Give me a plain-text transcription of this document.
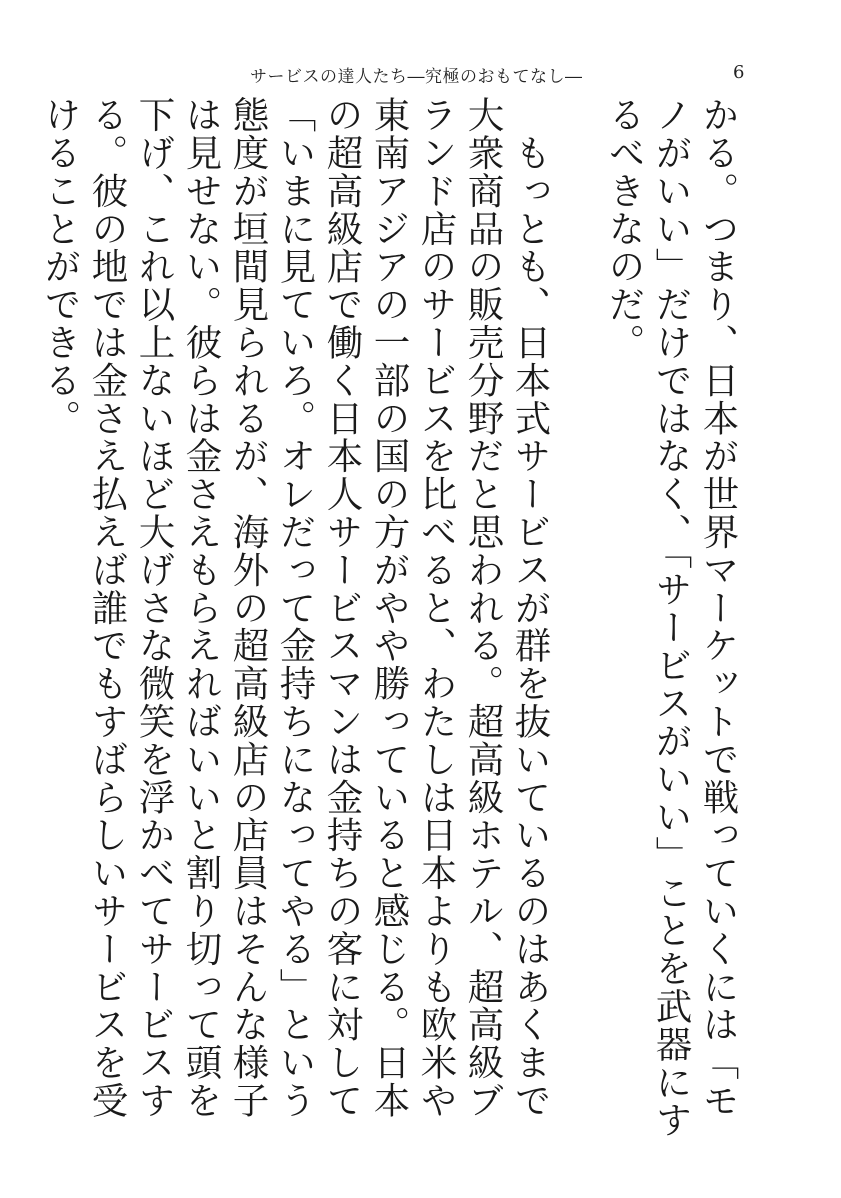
サービスの達人たち―究極のおもてなし―	6

かる。つまり、日本が世界マーケットで戦っていくには「モノがいい」だけではなく、「サービスがいい」ことを武器にするべきなのだ。

　もっとも、日本式サービスが群を抜いているのはあくまで大衆商品の販売分野だと思われる。超高級ホテル、超高級ブランド店のサービスを比べると、わたしは日本よりも欧米や東南アジアの一部の国の方がやや勝っていると感じる。日本の超高級店で働く日本人サービスマンは金持ちの客に対して「いまに見ていろ。オレだって金持ちになってやる」という態度が垣間見られるが、海外の超高級店の店員はそんな様子は見せない。彼らは金さえもらえればいいと割り切って頭を下げ、これ以上ないほど大げさな微笑を浮かべてサービスする。彼の地では金さえ払えば誰でもすばらしいサービスを受けることができる。
